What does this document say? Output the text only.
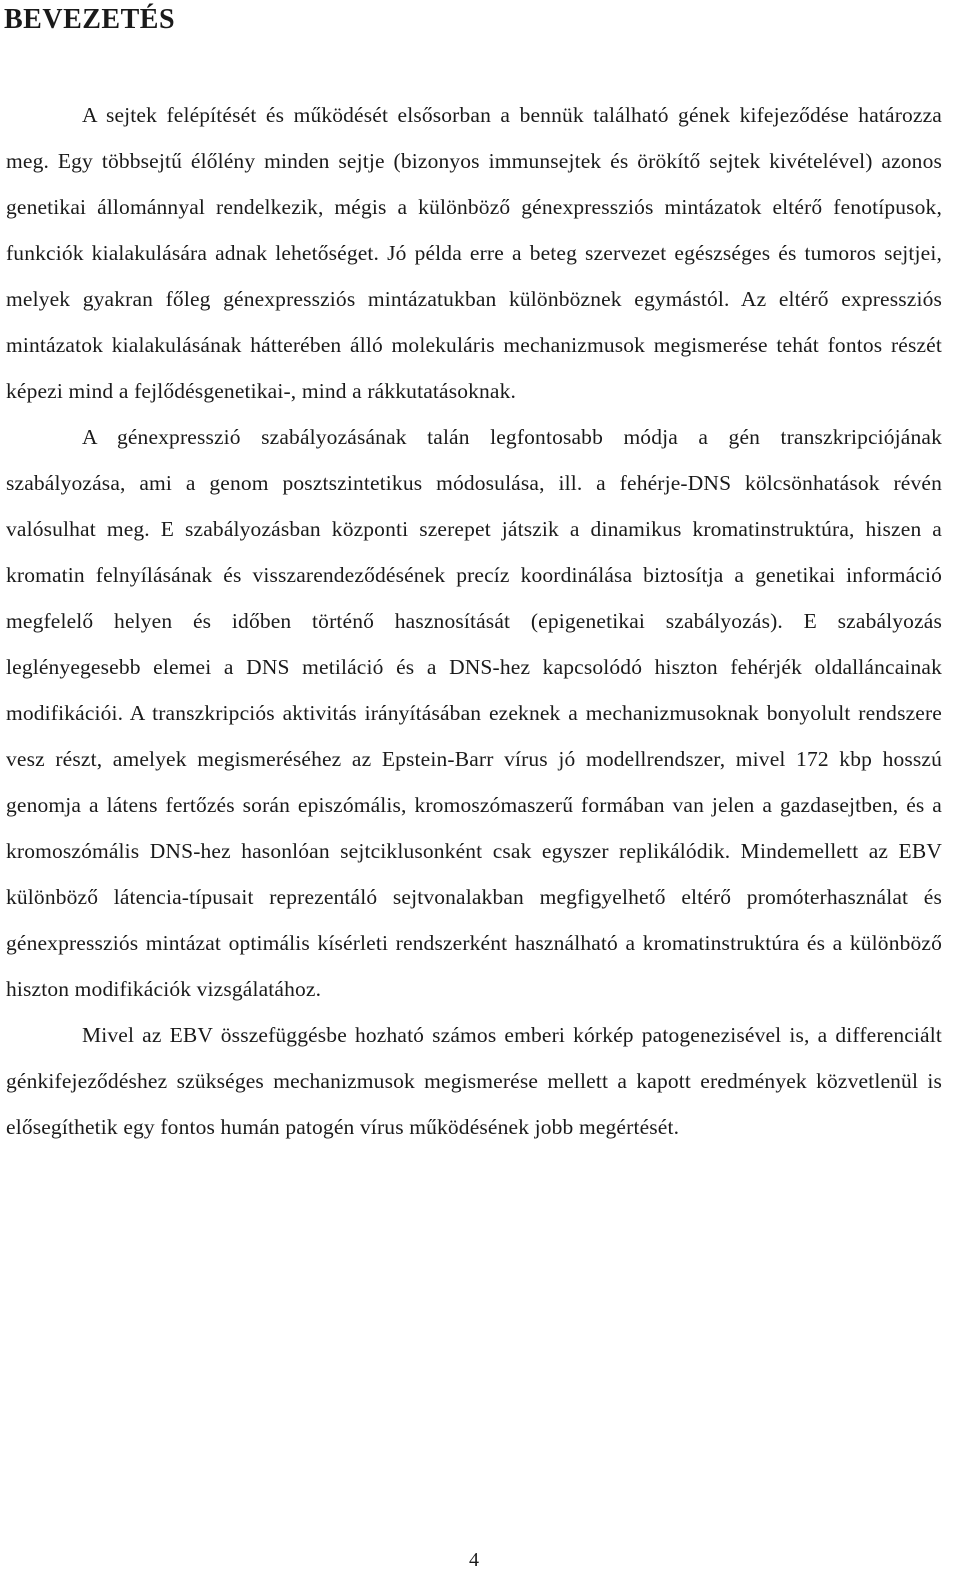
BEVEZETÉS

A sejtek felépítését és működését elsősorban a bennük található gének kifejeződése határozza meg. Egy többsejtű élőlény minden sejtje (bizonyos immunsejtek és örökítő sejtek kivételével) azonos genetikai állománnyal rendelkezik, mégis a különböző génexpressziós mintázatok eltérő fenotípusok, funkciók kialakulására adnak lehetőséget. Jó példa erre a beteg szervezet egészséges és tumoros sejtjei, melyek gyakran főleg génexpressziós mintázatukban különböznek egymástól. Az eltérő expressziós mintázatok kialakulásának hátterében álló molekuláris mechanizmusok megismerése tehát fontos részét képezi mind a fejlődésgenetikai-, mind a rákkutatásoknak.

A génexpresszió szabályozásának talán legfontosabb módja a gén transzkripciójának szabályozása, ami a genom posztszintetikus módosulása, ill. a fehérje-DNS kölcsönhatások révén valósulhat meg. E szabályozásban központi szerepet játszik a dinamikus kromatinstruktúra, hiszen a kromatin felnyílásának és visszarendeződésének precíz koordinálása biztosítja a genetikai információ megfelelő helyen és időben történő hasznosítását (epigenetikai szabályozás). E szabályozás leglényegesebb elemei a DNS metiláció és a DNS-hez kapcsolódó hiszton fehérjék oldalláncainak modifikációi. A transzkripciós aktivitás irányításában ezeknek a mechanizmusoknak bonyolult rendszere vesz részt, amelyek megismeréséhez az Epstein-Barr vírus jó modellrendszer, mivel 172 kbp hosszú genomja a látens fertőzés során episzómális, kromoszómaszerű formában van jelen a gazdasejtben, és a kromoszómális DNS-hez hasonlóan sejtciklusonként csak egyszer replikálódik. Mindemellett az EBV különböző látencia-típusait reprezentáló sejtvonalakban megfigyelhető eltérő promóterhasználat és génexpressziós mintázat optimális kísérleti rendszerként használható a kromatinstruktúra és a különböző hiszton modifikációk vizsgálatához.

Mivel az EBV összefüggésbe hozható számos emberi kórkép patogenezisével is, a differenciált génkifejeződéshez szükséges mechanizmusok megismerése mellett a kapott eredmények közvetlenül is elősegíthetik egy fontos humán patogén vírus működésének jobb megértését.

4
